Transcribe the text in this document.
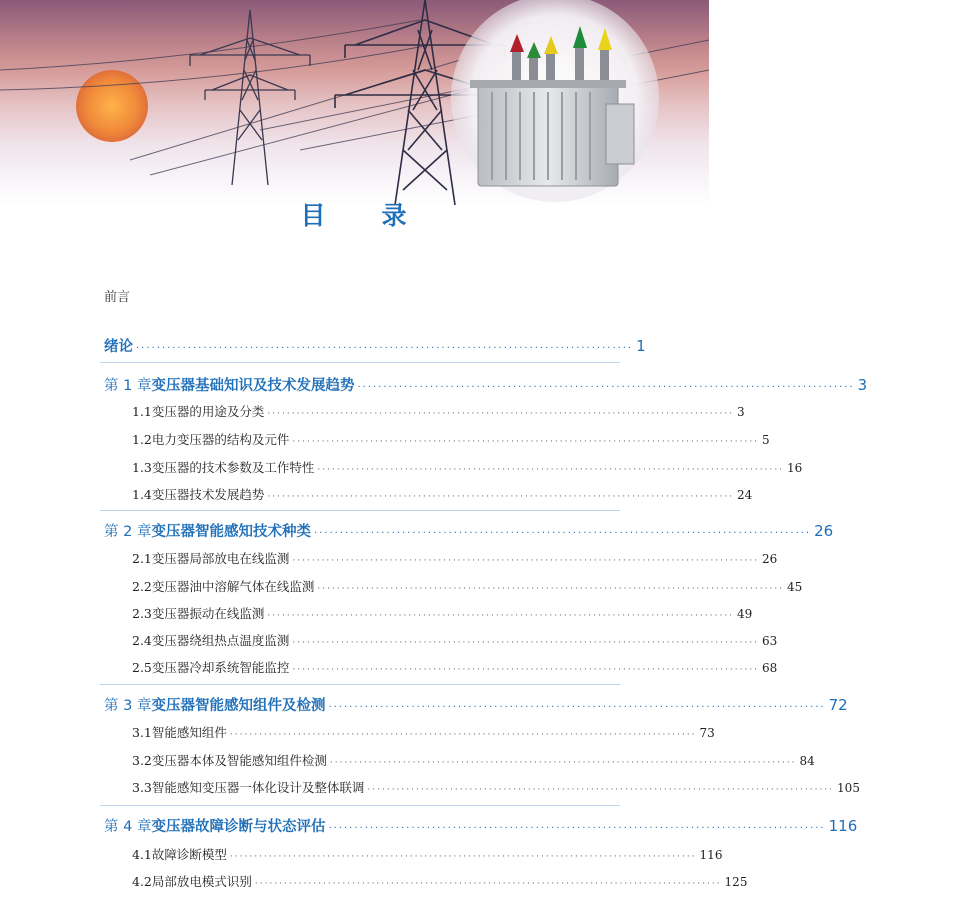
目 录
前言
绪论 ································································································ 1
第 1 章 变压器基础知识及技术发展趋势 ································································································ 3
1.1 变压器的用途及分类 ································································································ 3
1.2 电力变压器的结构及元件 ································································································ 5
1.3 变压器的技术参数及工作特性 ································································································ 16
1.4 变压器技术发展趋势 ································································································ 24
第 2 章 变压器智能感知技术种类 ································································································ 26
2.1 变压器局部放电在线监测 ································································································ 26
2.2 变压器油中溶解气体在线监测 ································································································ 45
2.3 变压器振动在线监测 ································································································ 49
2.4 变压器绕组热点温度监测 ································································································ 63
2.5 变压器冷却系统智能监控 ································································································ 68
第 3 章 变压器智能感知组件及检测 ································································································ 72
3.1 智能感知组件 ································································································ 73
3.2 变压器本体及智能感知组件检测 ································································································ 84
3.3 智能感知变压器一体化设计及整体联调 ································································································ 105
第 4 章 变压器故障诊断与状态评估 ································································································ 116
4.1 故障诊断模型 ································································································ 116
4.2 局部放电模式识别 ································································································ 125
